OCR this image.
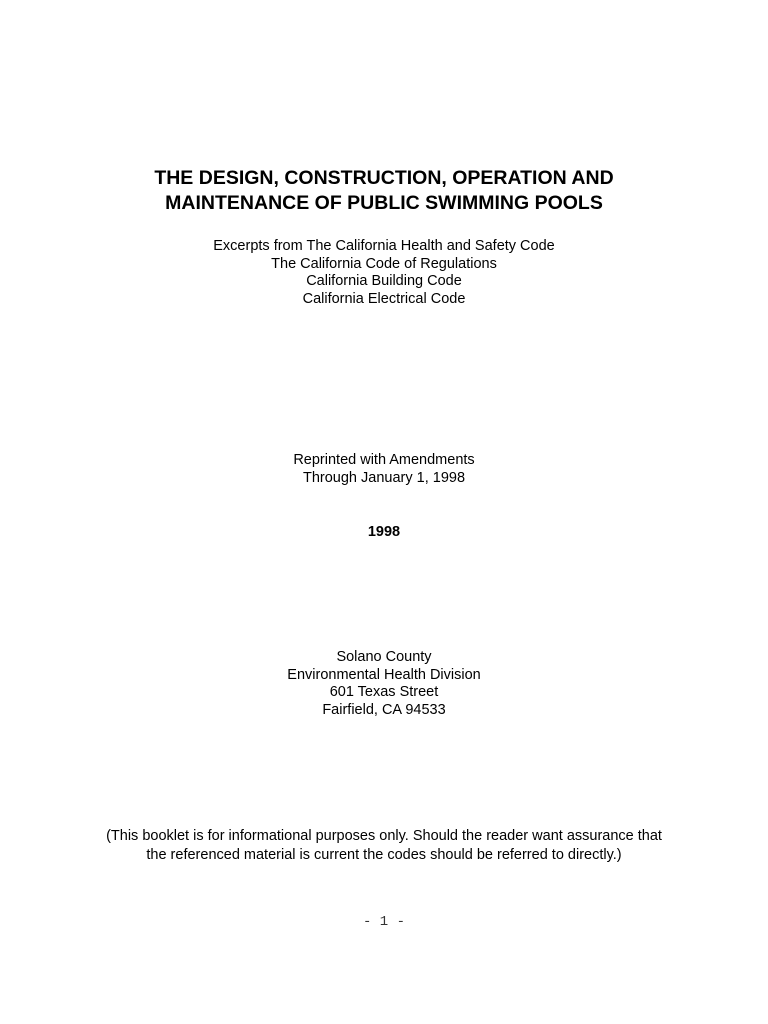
THE DESIGN, CONSTRUCTION, OPERATION AND
MAINTENANCE OF PUBLIC SWIMMING POOLS
Excerpts from The California Health and Safety Code
The California Code of Regulations
California Building Code
California Electrical Code
Reprinted with Amendments
Through January 1, 1998
1998
Solano County
Environmental Health Division
601 Texas Street
Fairfield, CA 94533
(This booklet is for informational purposes only. Should the reader want assurance that
the referenced material is current the codes should be referred to directly.)
- 1 -
